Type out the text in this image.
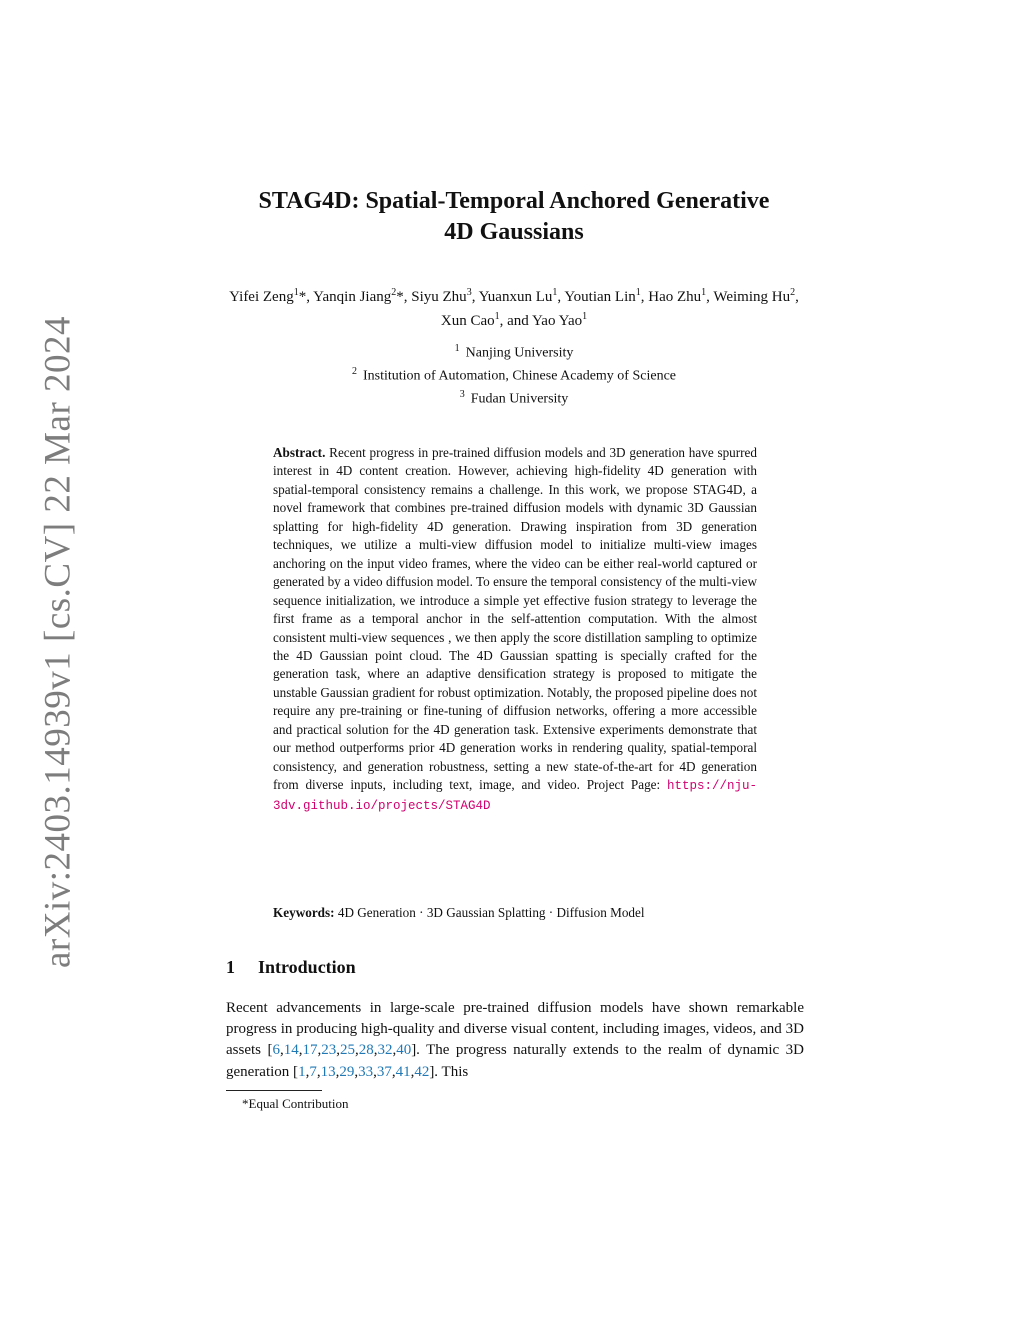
arXiv:2403.14939v1 [cs.CV] 22 Mar 2024
STAG4D: Spatial-Temporal Anchored Generative
4D Gaussians
Yifei Zeng$^1$*, Yanqin Jiang$^2$*, Siyu Zhu$^3$, Yuanxun Lu$^1$, Youtian Lin$^1$, Hao Zhu$^1$, Weiming Hu$^2$, Xun Cao$^1$, and Yao Yao$^1$
$^1$ Nanjing University
$^2$ Institution of Automation, Chinese Academy of Science
$^3$ Fudan University
Abstract. Recent progress in pre-trained diffusion models and 3D generation have spurred interest in 4D content creation. However, achieving high-fidelity 4D generation with spatial-temporal consistency remains a challenge. In this work, we propose STAG4D, a novel framework that combines pre-trained diffusion models with dynamic 3D Gaussian splatting for high-fidelity 4D generation. Drawing inspiration from 3D generation techniques, we utilize a multi-view diffusion model to initialize multi-view images anchoring on the input video frames, where the video can be either real-world captured or generated by a video diffusion model. To ensure the temporal consistency of the multi-view sequence initialization, we introduce a simple yet effective fusion strategy to leverage the first frame as a temporal anchor in the self-attention computation. With the almost consistent multi-view sequences , we then apply the score distillation sampling to optimize the 4D Gaussian point cloud. The 4D Gaussian spatting is specially crafted for the generation task, where an adaptive densification strategy is proposed to mitigate the unstable Gaussian gradient for robust optimization. Notably, the proposed pipeline does not require any pre-training or fine-tuning of diffusion networks, offering a more accessible and practical solution for the 4D generation task. Extensive experiments demonstrate that our method outperforms prior 4D generation works in rendering quality, spatial-temporal consistency, and generation robustness, setting a new state-of-the-art for 4D generation from diverse inputs, including text, image, and video. Project Page: https://nju-3dv.github.io/projects/STAG4D
Keywords: 4D Generation · 3D Gaussian Splatting · Diffusion Model
1 Introduction
Recent advancements in large-scale pre-trained diffusion models have shown remarkable progress in producing high-quality and diverse visual content, including images, videos, and 3D assets [6,14,17,23,25,28,32,40]. The progress naturally extends to the realm of dynamic 3D generation [1,7,13,29,33,37,41,42]. This
*Equal Contribution
